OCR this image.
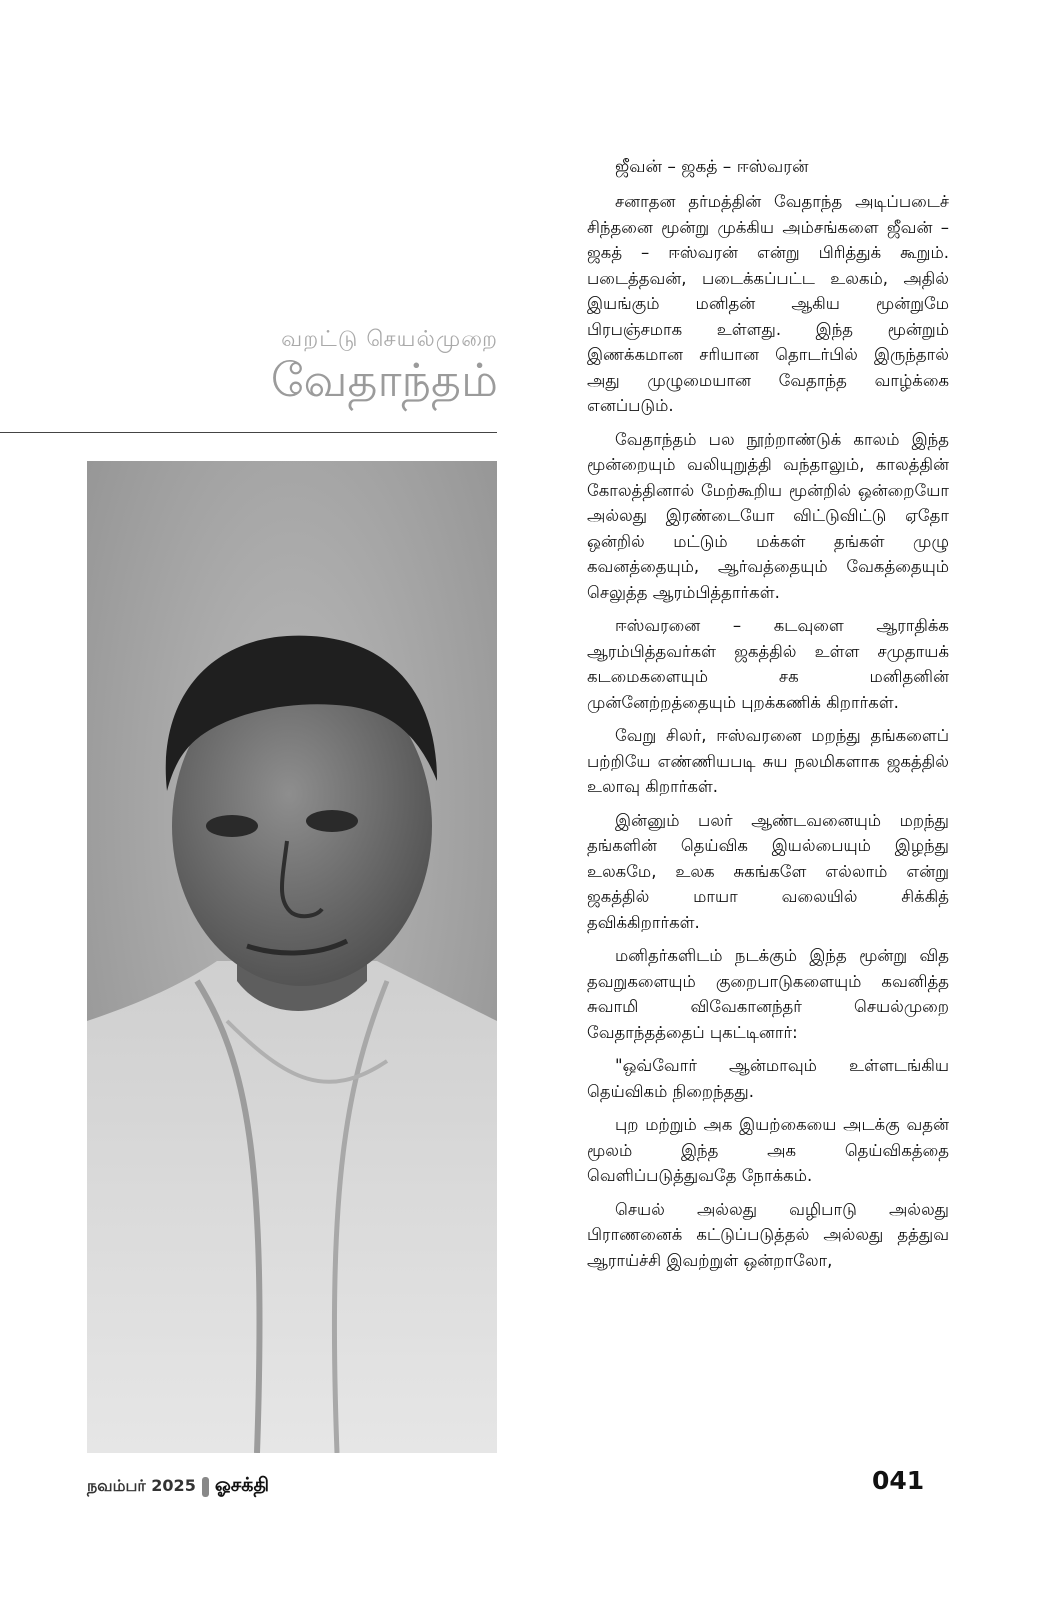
வறட்டு செயல்முறை
வேதாந்தம்
ஜீவன் – ஜகத் – ஈஸ்வரன்

சனாதன தர்மத்தின் வேதாந்த அடிப்படைச் சிந்தனை மூன்று முக்கிய அம்சங்களை ஜீவன் – ஜகத் – ஈஸ்வரன் என்று பிரித்துக் கூறும். படைத்தவன், படைக்கப்பட்ட உலகம், அதில் இயங்கும் மனிதன் ஆகிய மூன்றுமே பிரபஞ்சமாக உள்ளது. இந்த மூன்றும் இணக்கமான சரியான தொடர்பில் இருந்தால் அது முழுமையான வேதாந்த வாழ்க்கை எனப்படும்.

வேதாந்தம் பல நூற்றாண்டுக் காலம் இந்த மூன்றையும் வலியுறுத்தி வந்தாலும், காலத்தின் கோலத்தினால் மேற்கூறிய மூன்றில் ஒன்றையோ அல்லது இரண்டையோ விட்டுவிட்டு ஏதோ ஒன்றில் மட்டும் மக்கள் தங்கள் முழு கவனத்தையும், ஆர்வத்தையும் வேகத்தையும் செலுத்த ஆரம்பித்தார்கள்.

ஈஸ்வரனை – கடவுளை ஆராதிக்க ஆரம்பித்தவர்கள் ஜகத்தில் உள்ள சமுதாயக் கடமைகளையும் சக மனிதனின் முன்னேற்றத்தையும் புறக்கணிக் கிறார்கள்.

வேறு சிலர், ஈஸ்வரனை மறந்து தங்களைப் பற்றியே எண்ணியபடி சுய நலமிகளாக ஜகத்தில் உலாவு கிறார்கள்.

இன்னும் பலர் ஆண்டவனையும் மறந்து தங்களின் தெய்விக இயல்பையும் இழந்து உலகமே, உலக சுகங்களே எல்லாம் என்று ஜகத்தில் மாயா வலையில் சிக்கித் தவிக்கிறார்கள்.

மனிதர்களிடம் நடக்கும் இந்த மூன்று வித தவறுகளையும் குறைபாடுகளையும் கவனித்த சுவாமி விவேகானந்தர் செயல்முறை வேதாந்தத்தைப் புகட்டினார்:

"ஒவ்வோர் ஆன்மாவும் உள்ளடங்கிய தெய்விகம் நிறைந்தது.

புற மற்றும் அக இயற்கையை அடக்கு வதன் மூலம் இந்த அக தெய்விகத்தை வெளிப்படுத்துவதே நோக்கம்.

செயல் அல்லது வழிபாடு அல்லது பிராணனைக் கட்டுப்படுத்தல் அல்லது தத்துவ ஆராய்ச்சி இவற்றுள் ஒன்றாலோ,

நவம்பர் 2025 ஓசக்தி	041
